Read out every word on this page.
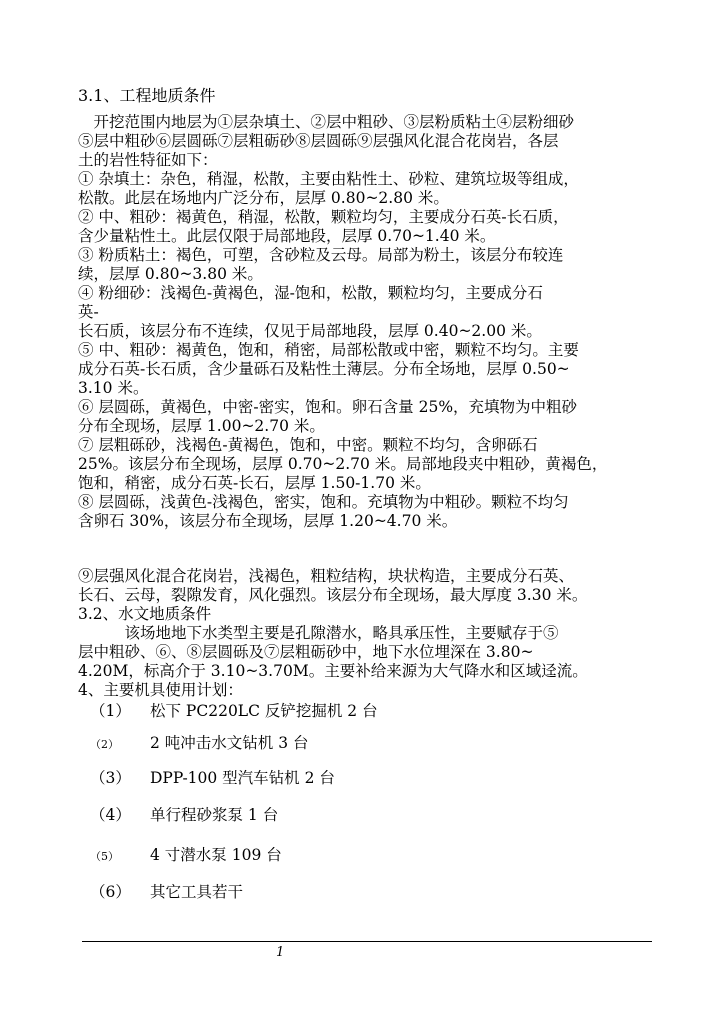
3.1、工程地质条件
　开挖范围内地层为①层杂填土、②层中粗砂、③层粉质粘土④层粉细砂
⑤层中粗砂⑥层圆砾⑦层粗砺砂⑧层圆砾⑨层强风化混合花岗岩，各层
土的岩性特征如下：
① 杂填土：杂色，稍湿，松散，主要由粘性土、砂粒、建筑垃圾等组成，
松散。此层在场地内广泛分布，层厚 0.80~2.80 米。
② 中、粗砂：褐黄色，稍湿，松散，颗粒均匀，主要成分石英-长石质，
含少量粘性土。此层仅限于局部地段，层厚 0.70~1.40 米。
③ 粉质粘土：褐色，可塑，含砂粒及云母。局部为粉土，该层分布较连
续，层厚 0.80~3.80 米。
④ 粉细砂：浅褐色-黄褐色，湿-饱和，松散，颗粒均匀，主要成分石
英-
长石质，该层分布不连续，仅见于局部地段，层厚 0.40~2.00 米。
⑤ 中、粗砂：褐黄色，饱和，稍密，局部松散或中密，颗粒不均匀。主要
成分石英-长石质，含少量砾石及粘性土薄层。分布全场地，层厚 0.50~
3.10 米。
⑥ 层圆砾，黄褐色，中密-密实，饱和。卵石含量 25%，充填物为中粗砂
分布全现场，层厚 1.00~2.70 米。
⑦ 层粗砾砂，浅褐色-黄褐色，饱和，中密。颗粒不均匀，含卵砾石
25%。该层分布全现场，层厚 0.70~2.70 米。局部地段夹中粗砂，黄褐色，
饱和，稍密，成分石英-长石，层厚 1.50-1.70 米。
⑧ 层圆砾，浅黄色-浅褐色，密实，饱和。充填物为中粗砂。颗粒不均匀
含卵石 30%，该层分布全现场，层厚 1.20~4.70 米。
⑨层强风化混合花岗岩，浅褐色，粗粒结构，块状构造，主要成分石英、
长石、云母，裂隙发育，风化强烈。该层分布全现场，最大厚度 3.30 米。
3.2、水文地质条件
　　　该场地地下水类型主要是孔隙潜水，略具承压性，主要赋存于⑤
层中粗砂、⑥、⑧层圆砾及⑦层粗砺砂中，地下水位埋深在 3.80~
4.20M，标高介于 3.10~3.70M。主要补给来源为大气降水和区域迳流。
4、主要机具使用计划：
（1） 松下 PC220LC 反铲挖掘机 2 台
（2） 2 吨冲击水文钻机 3 台
（3） DPP-100 型汽车钻机 2 台
（4） 单行程砂浆泵 1 台
（5） 4 寸潜水泵 109 台
（6） 其它工具若干
1
